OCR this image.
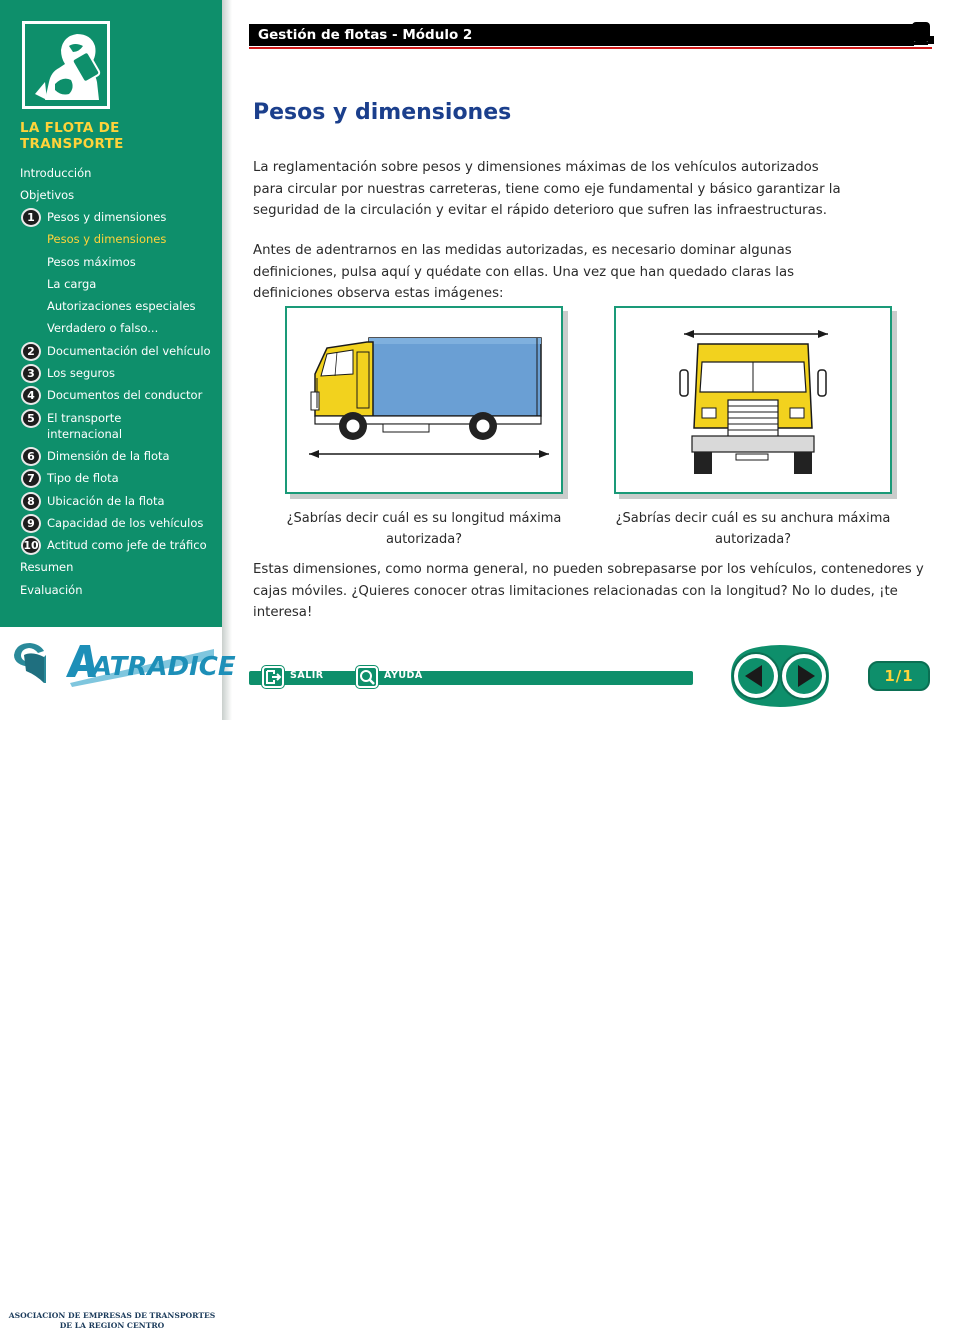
LA FLOTA DE TRANSPORTE
Introducción
Objetivos
1	Pesos y dimensiones
Pesos y dimensiones
Pesos máximos
La carga
Autorizaciones especiales
Verdadero o falso...
2	Documentación del vehículo
3	Los seguros
4	Documentos del conductor
5	El transporte
internacional
6	Dimensión de la flota
7	Tipo de flota
8	Ubicación de la flota
9	Capacidad de los vehículos
10 Actitud como jefe de tráfico
Resumen
Evaluación
ATRADICE
ASOCIACION DE EMPRESAS DE TRANSPORTES
DE LA REGION CENTRO
Gestión de flotas - Módulo 2
Pesos y dimensiones
La reglamentación sobre pesos y dimensiones máximas de los vehículos autorizados para circular por nuestras carreteras, tiene como eje fundamental y básico garantizar la seguridad de la circulación y evitar el rápido deterioro que sufren las infraestructuras.
Antes de adentrarnos en las medidas autorizadas, es necesario dominar algunas definiciones, pulsa aquí y quédate con ellas. Una vez que han quedado claras las definiciones observa estas imágenes:
¿Sabrías decir cuál es su longitud máxima autorizada?
¿Sabrías decir cuál es su anchura máxima autorizada?
Estas dimensiones, como norma general, no pueden sobrepasarse por los vehículos, contenedores y cajas móviles. ¿Quieres conocer otras limitaciones relacionadas con la longitud? No lo dudes, ¡te interesa!
SALIR	AYUDA	1/1
